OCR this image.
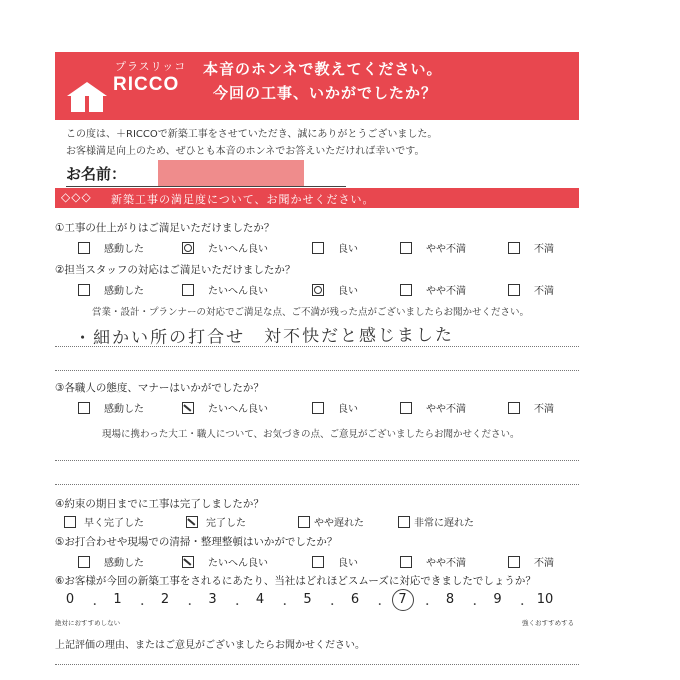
プラスリッコ
RICCO
本音のホンネで教えてください。
今回の工事、いかがでしたか？
この度は、＋RICCOで新築工事をさせていただき、誠にありがとうございました。
お客様満足向上のため、ぜひとも本音のホンネでお答えいただければ幸いです。
お名前：
◇◇◇ 新築工事の満足度について、お聞かせください。
①工事の仕上がりはご満足いただけましたか？
感動した	たいへん良い	良い	やや不満	不満
②担当スタッフの対応はご満足いただけましたか？
感動した	たいへん良い	良い	やや不満	不満
営業・設計・プランナーの対応でご満足な点、ご不満が残った点がございましたらお聞かせください。
・細かい所の打合せ　対不快だと感じました
③各職人の態度、マナーはいかがでしたか？
感動した	たいへん良い	良い	やや不満	不満
現場に携わった大工・職人について、お気づきの点、ご意見がございましたらお聞かせください。
④約束の期日までに工事は完了しましたか？
早く完了した	完了した	やや遅れた	非常に遅れた
⑤お打合わせや現場での清掃・整理整頓はいかがでしたか？
感動した	たいへん良い	良い	やや不満	不満
⑥お客様が今回の新築工事をされるにあたり、当社はどれほどスムーズに対応できましたでしょうか？
0	・	1	・	2	・	3	・	4	・	5	・	6	・	7	・	8	・	9	・ 10
絶対におすすめしない	強くおすすめする
上記評価の理由、またはご意見がございましたらお聞かせください。
